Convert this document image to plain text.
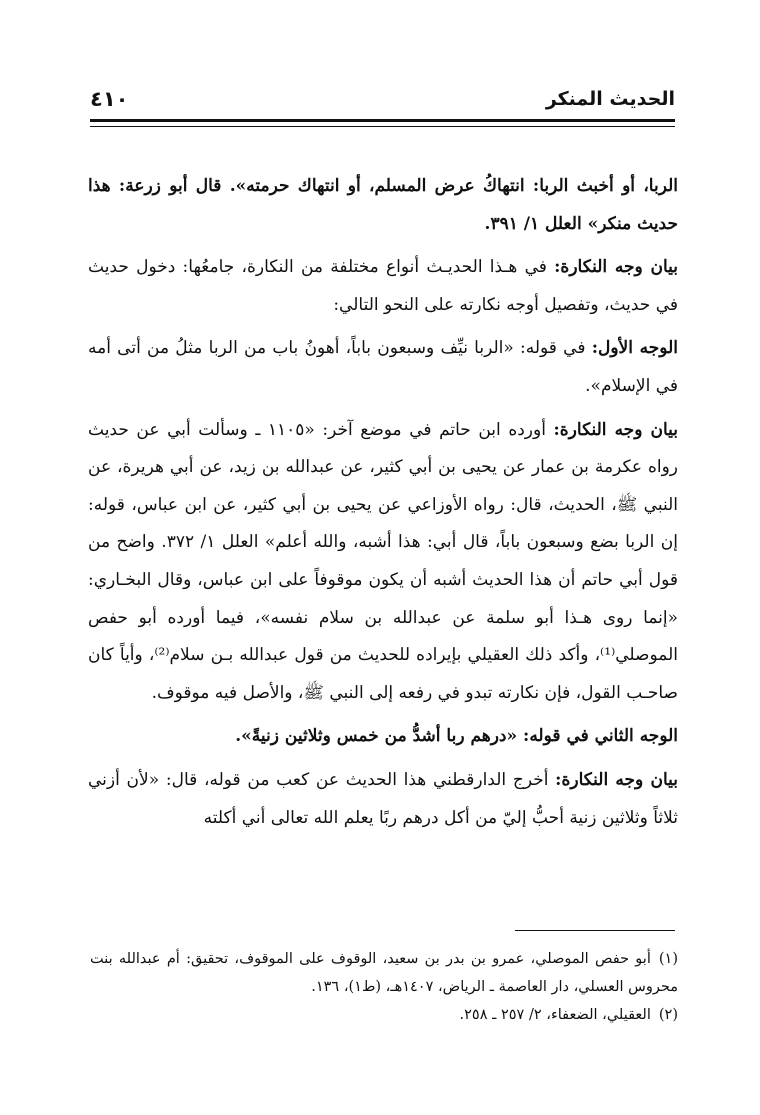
الحديث المنكر
٤١٠

الربا، أو أخبث الربا: انتهاكُ عرض المسلم، أو انتهاك حرمته». قال أبو زرعة: هذا حديث منكر» العلل ١/ ٣٩١.

بيان وجه النكارة: في هـذا الحديـث أنواع مختلفة من النكارة، جامعُها: دخول حديث في حديث، وتفصيل أوجه نكارته على النحو التالي:

الوجه الأول: في قوله: «الربا نيِّف وسبعون باباً، أهونُ باب من الربا مثلُ من أتى أمه في الإسلام».

بيان وجه النكارة: أورده ابن حاتم في موضع آخر: «١١٠٥ ـ وسألت أبي عن حديث رواه عكرمة بن عمار عن يحيى بن أبي كثير، عن عبدالله بن زيد، عن أبي هريرة، عن النبي ﷺ، الحديث، قال: رواه الأوزاعي عن يحيى بن أبي كثير، عن ابن عباس، قوله: إن الربا بضع وسبعون باباً، قال أبي: هذا أشبه، والله أعلم» العلل ١/ ٣٧٢. واضح من قول أبي حاتم أن هذا الحديث أشبه أن يكون موقوفاً على ابن عباس، وقال البخـاري: «إنما روى هـذا أبو سلمة عن عبدالله بن سلام نفسه»، فيما أورده أبو حفص الموصلي⁽¹⁾، وأكد ذلك العقيلي بإيراده للحديث من قول عبدالله بـن سلام⁽²⁾، وأياً كان صاحـب القول، فإن نكارته تبدو في رفعه إلى النبي ﷺ، والأصل فيه موقوف.

الوجه الثاني في قوله: «درهم ربا أشدُّ من خمس وثلاثين زنيةً».

بيان وجه النكارة: أخرج الدارقطني هذا الحديث عن كعب من قوله، قال: «لأن أزني ثلاثاً وثلاثين زنية أحبُّ إليّ من أكل درهم ربًا يعلم الله تعالى أني أكلته

(١)أبو حفص الموصلي، عمرو بن بدر بن سعيد، الوقوف على الموقوف، تحقيق: أم عبدالله بنت محروس العسلي، دار العاصمة ـ الرياض، ١٤٠٧هـ، (ط١)، ١٣٦.

(٢)العقيلي، الضعفاء، ٢/ ٢٥٧ ـ ٢٥٨.
